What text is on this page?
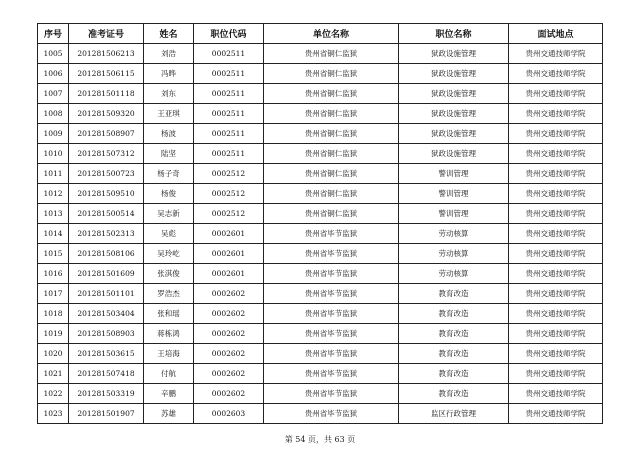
序号	准考证号	姓名	职位代码	单位名称	职位名称	面试地点
1005	201281506213	刘浩	0002511	贵州省铜仁监狱	狱政设施管理	贵州交通技师学院
1006	201281506115	冯晔	0002511	贵州省铜仁监狱	狱政设施管理	贵州交通技师学院
1007	201281501118	刘东	0002511	贵州省铜仁监狱	狱政设施管理	贵州交通技师学院
1008	201281509320	王亚琪	0002511	贵州省铜仁监狱	狱政设施管理	贵州交通技师学院
1009	201281508907	杨波	0002511	贵州省铜仁监狱	狱政设施管理	贵州交通技师学院
1010	201281507312	陆坚	0002511	贵州省铜仁监狱	狱政设施管理	贵州交通技师学院
1011	201281500723	杨子奇	0002512	贵州省铜仁监狱	警训管理	贵州交通技师学院
1012	201281509510	杨俊	0002512	贵州省铜仁监狱	警训管理	贵州交通技师学院
1013	201281500514	吴志新	0002512	贵州省铜仁监狱	警训管理	贵州交通技师学院
1014	201281502313	吴彪	0002601	贵州省毕节监狱	劳动核算	贵州交通技师学院
1015	201281508106	吴玲屹	0002601	贵州省毕节监狱	劳动核算	贵州交通技师学院
1016	201281501609	张淇俊	0002601	贵州省毕节监狱	劳动核算	贵州交通技师学院
1017	201281501101	罗浩杰	0002602	贵州省毕节监狱	教育改造	贵州交通技师学院
1018	201281503404	张和瑶	0002602	贵州省毕节监狱	教育改造	贵州交通技师学院
1019	201281508903	蒋栋鸿	0002602	贵州省毕节监狱	教育改造	贵州交通技师学院
1020	201281503615	王培海	0002602	贵州省毕节监狱	教育改造	贵州交通技师学院
1021	201281507418	付航	0002602	贵州省毕节监狱	教育改造	贵州交通技师学院
1022	201281503319	辛鹏	0002602	贵州省毕节监狱	教育改造	贵州交通技师学院
1023	201281501907	苏雄	0002603	贵州省毕节监狱	监区行政管理	贵州交通技师学院
第 54 页，共 63 页
